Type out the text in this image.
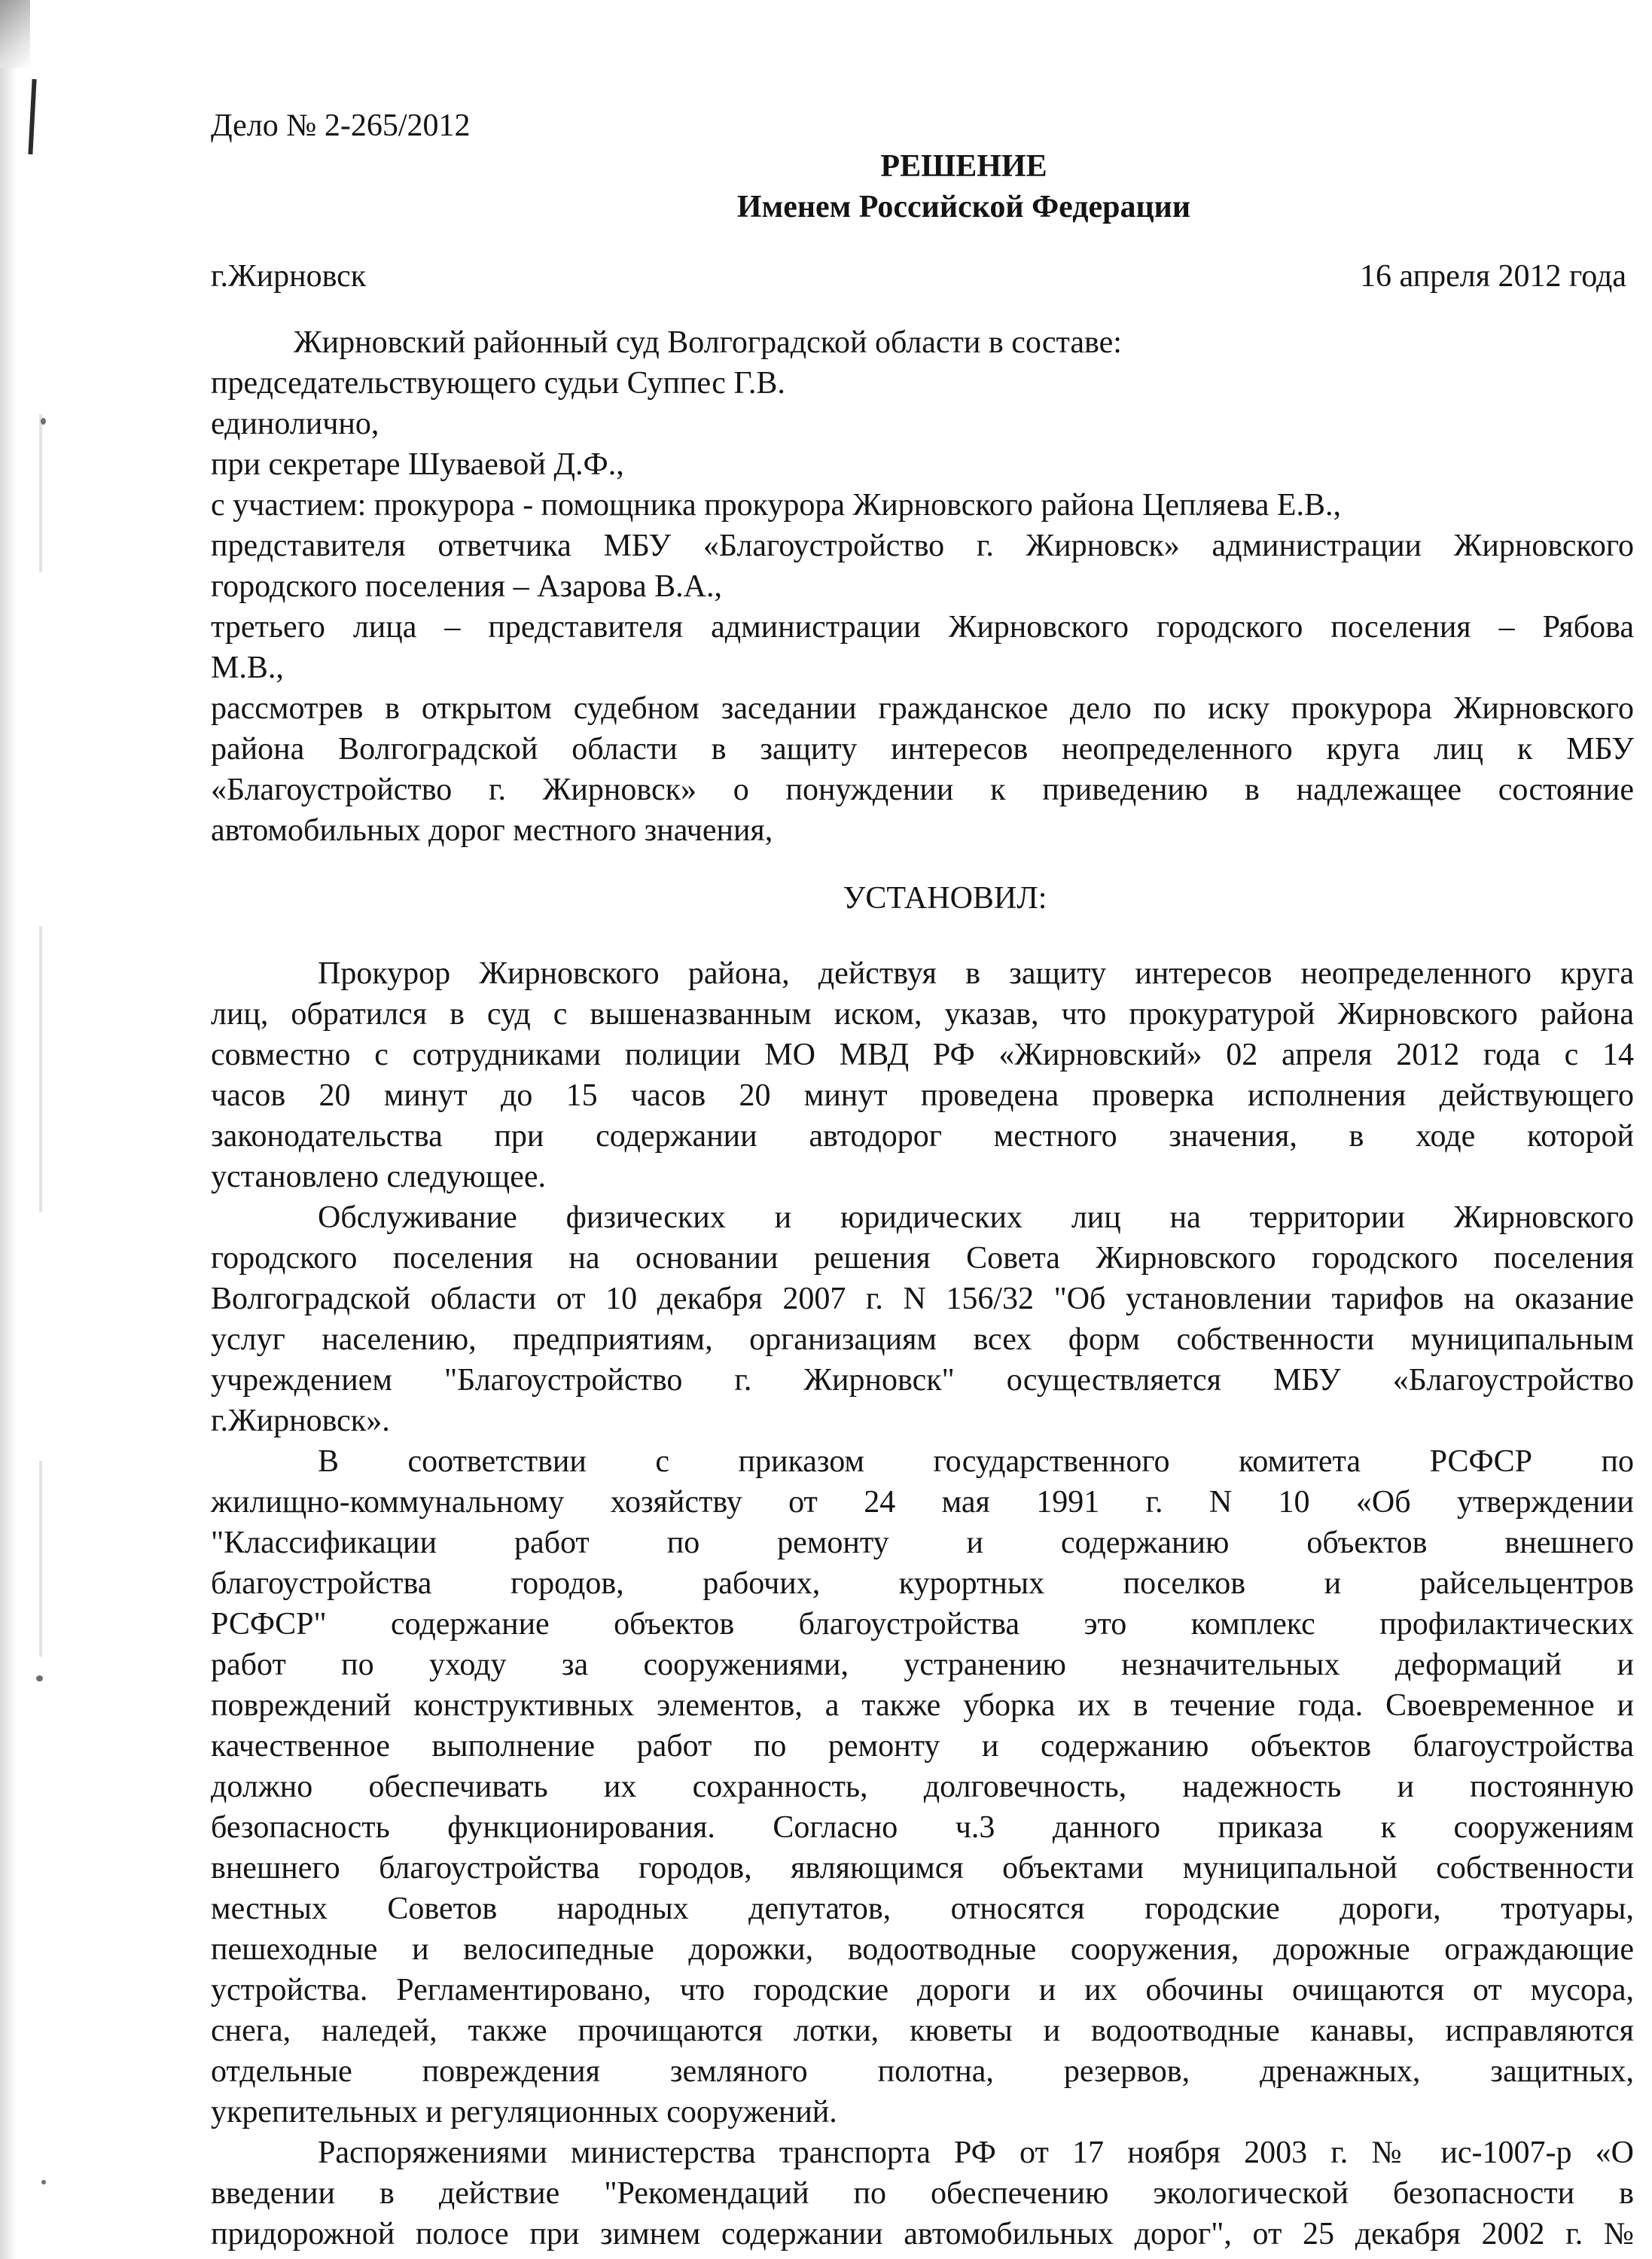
Дело № 2-265/2012

РЕШЕНИЕ

Именем Российской Федерации

г.Жирновск	16 апреля 2012 года

Жирновский районный суд Волгоградской области в составе:

председательствующего судьи Суппес Г.В.

единолично,

при секретаре Шуваевой Д.Ф.,

с участием: прокурора - помощника прокурора Жирновского района Цепляева Е.В.,

представителя ответчика МБУ «Благоустройство г. Жирновск» администрации Жирновского

городского поселения – Азарова В.А.,

третьего лица – представителя администрации Жирновского городского поселения – Рябова

М.В.,

рассмотрев в открытом судебном заседании гражданское дело по иску прокурора Жирновского

района Волгоградской области в защиту интересов неопределенного круга лиц к МБУ

«Благоустройство г. Жирновск» о понуждении к приведению в надлежащее состояние

автомобильных дорог местного значения,

УСТАНОВИЛ:

Прокурор Жирновского района, действуя в защиту интересов неопределенного круга

лиц, обратился в суд с вышеназванным иском, указав, что прокуратурой Жирновского района

совместно с сотрудниками полиции МО МВД РФ «Жирновский» 02 апреля 2012 года с 14

часов 20 минут до 15 часов 20 минут проведена проверка исполнения действующего

законодательства при содержании автодорог местного значения, в ходе которой

установлено следующее.

Обслуживание физических и юридических лиц на территории Жирновского

городского поселения на основании решения Совета Жирновского городского поселения

Волгоградской области от 10 декабря 2007 г. N 156/32 "Об установлении тарифов на оказание

услуг населению, предприятиям, организациям всех форм собственности муниципальным

учреждением "Благоустройство г. Жирновск" осуществляется МБУ «Благоустройство

г.Жирновск».

В соответствии с приказом государственного комитета РСФСР по

жилищно-коммунальному хозяйству от 24 мая 1991 г. N 10 «Об утверждении

"Классификации работ по ремонту и содержанию объектов внешнего

благоустройства городов, рабочих, курортных поселков и райсельцентров

РСФСР" содержание объектов благоустройства это комплекс профилактических

работ по уходу за сооружениями, устранению незначительных деформаций и

повреждений конструктивных элементов, а также уборка их в течение года. Своевременное и

качественное выполнение работ по ремонту и содержанию объектов благоустройства

должно обеспечивать их сохранность, долговечность, надежность и постоянную

безопасность функционирования. Согласно ч.3 данного приказа к сооружениям

внешнего благоустройства городов, являющимся объектами муниципальной собственности

местных Советов народных депутатов, относятся городские дороги, тротуары,

пешеходные и велосипедные дорожки, водоотводные сооружения, дорожные ограждающие

устройства. Регламентировано, что городские дороги и их обочины очищаются от мусора,

снега, наледей, также прочищаются лотки, кюветы и водоотводные канавы, исправляются

отдельные повреждения земляного полотна, резервов, дренажных, защитных,

укрепительных и регуляционных сооружений.

Распоряжениями министерства транспорта РФ от 17 ноября 2003 г. № ис-1007-р «О

введении в действие "Рекомендаций по обеспечению экологической безопасности в

придорожной полосе при зимнем содержании автомобильных дорог", от 25 декабря 2002 г. №
